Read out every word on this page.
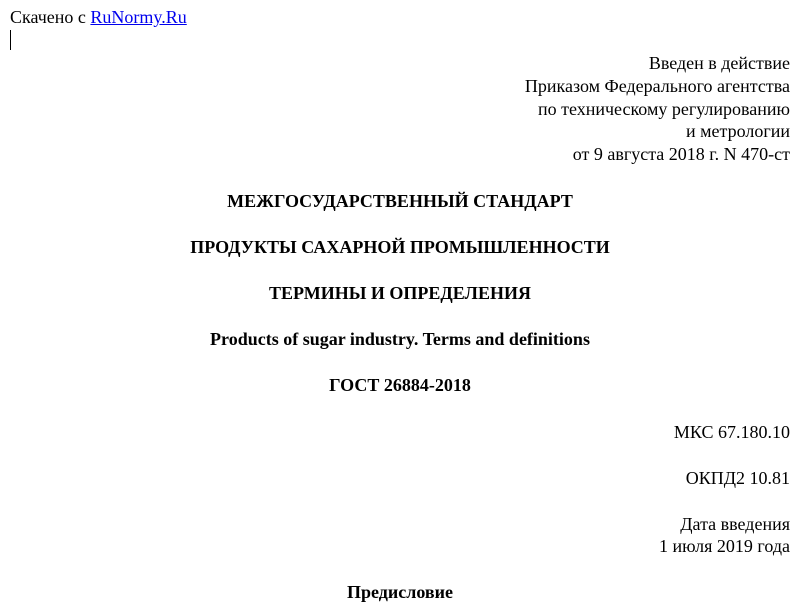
Скачено с RuNormy.Ru
Введен в действие
Приказом Федерального агентства
по техническому регулированию
и метрологии
от 9 августа 2018 г. N 470-ст
МЕЖГОСУДАРСТВЕННЫЙ СТАНДАРТ
ПРОДУКТЫ САХАРНОЙ ПРОМЫШЛЕННОСТИ
ТЕРМИНЫ И ОПРЕДЕЛЕНИЯ
Products of sugar industry. Terms and definitions
ГОСТ 26884-2018
МКС 67.180.10
ОКПД2 10.81
Дата введения
1 июля 2019 года
Предисловие
